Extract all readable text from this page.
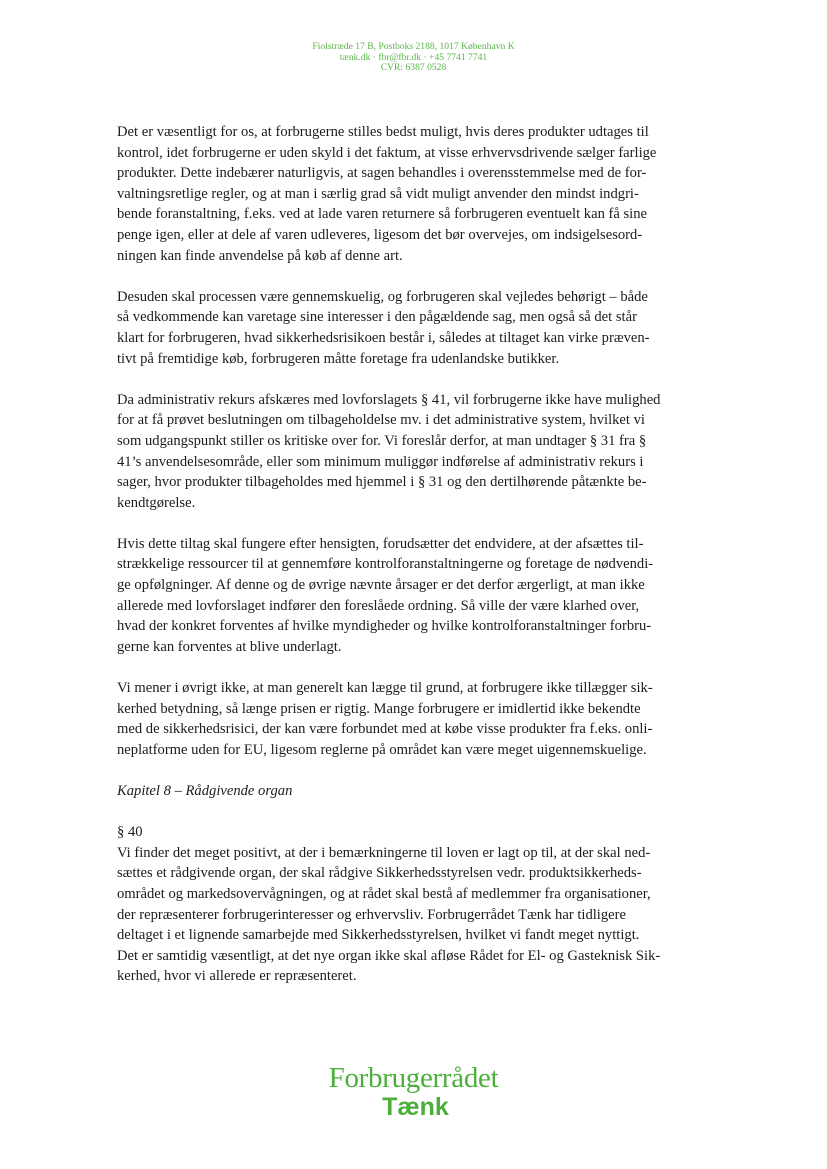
Fiolstræde 17 B, Postboks 2188, 1017 København K
tænk.dk · fbr@fbr.dk · +45 7741 7741
CVR: 6387 0528
Det er væsentligt for os, at forbrugerne stilles bedst muligt, hvis deres produkter udtages til
kontrol, idet forbrugerne er uden skyld i det faktum, at visse erhvervsdrivende sælger farlige
produkter. Dette indebærer naturligvis, at sagen behandles i overensstemmelse med de for-
valtningsretlige regler, og at man i særlig grad så vidt muligt anvender den mindst indgri-
bende foranstaltning, f.eks. ved at lade varen returnere så forbrugeren eventuelt kan få sine
penge igen, eller at dele af varen udleveres, ligesom det bør overvejes, om indsigelsesord-
ningen kan finde anvendelse på køb af denne art.
Desuden skal processen være gennemskuelig, og forbrugeren skal vejledes behørigt – både
så vedkommende kan varetage sine interesser i den pågældende sag, men også så det står
klart for forbrugeren, hvad sikkerhedsrisikoen består i, således at tiltaget kan virke præven-
tivt på fremtidige køb, forbrugeren måtte foretage fra udenlandske butikker.
Da administrativ rekurs afskæres med lovforslagets § 41, vil forbrugerne ikke have mulighed
for at få prøvet beslutningen om tilbageholdelse mv. i det administrative system, hvilket vi
som udgangspunkt stiller os kritiske over for. Vi foreslår derfor, at man undtager § 31 fra §
41’s anvendelsesområde, eller som minimum muliggør indførelse af administrativ rekurs i
sager, hvor produkter tilbageholdes med hjemmel i § 31 og den dertilhørende påtænkte be-
kendtgørelse.
Hvis dette tiltag skal fungere efter hensigten, forudsætter det endvidere, at der afsættes til-
strækkelige ressourcer til at gennemføre kontrolforanstaltningerne og foretage de nødvendi-
ge opfølgninger. Af denne og de øvrige nævnte årsager er det derfor ærgerligt, at man ikke
allerede med lovforslaget indfører den foreslåede ordning. Så ville der være klarhed over,
hvad der konkret forventes af hvilke myndigheder og hvilke kontrolforanstaltninger forbru-
gerne kan forventes at blive underlagt.
Vi mener i øvrigt ikke, at man generelt kan lægge til grund, at forbrugere ikke tillægger sik-
kerhed betydning, så længe prisen er rigtig. Mange forbrugere er imidlertid ikke bekendte
med de sikkerhedsrisici, der kan være forbundet med at købe visse produkter fra f.eks. onli-
neplatforme uden for EU, ligesom reglerne på området kan være meget uigennemskuelige.
Kapitel 8 – Rådgivende organ
§ 40
Vi finder det meget positivt, at der i bemærkningerne til loven er lagt op til, at der skal ned-
sættes et rådgivende organ, der skal rådgive Sikkerhedsstyrelsen vedr. produktsikkerheds-
området og markedsovervågningen, og at rådet skal bestå af medlemmer fra organisationer,
der repræsenterer forbrugerinteresser og erhvervsliv. Forbrugerrådet Tænk har tidligere
deltaget i et lignende samarbejde med Sikkerhedsstyrelsen, hvilket vi fandt meget nyttigt.
Det er samtidig væsentligt, at det nye organ ikke skal afløse Rådet for El- og Gasteknisk Sik-
kerhed, hvor vi allerede er repræsenteret.
Forbrugerrådet
Tænk
